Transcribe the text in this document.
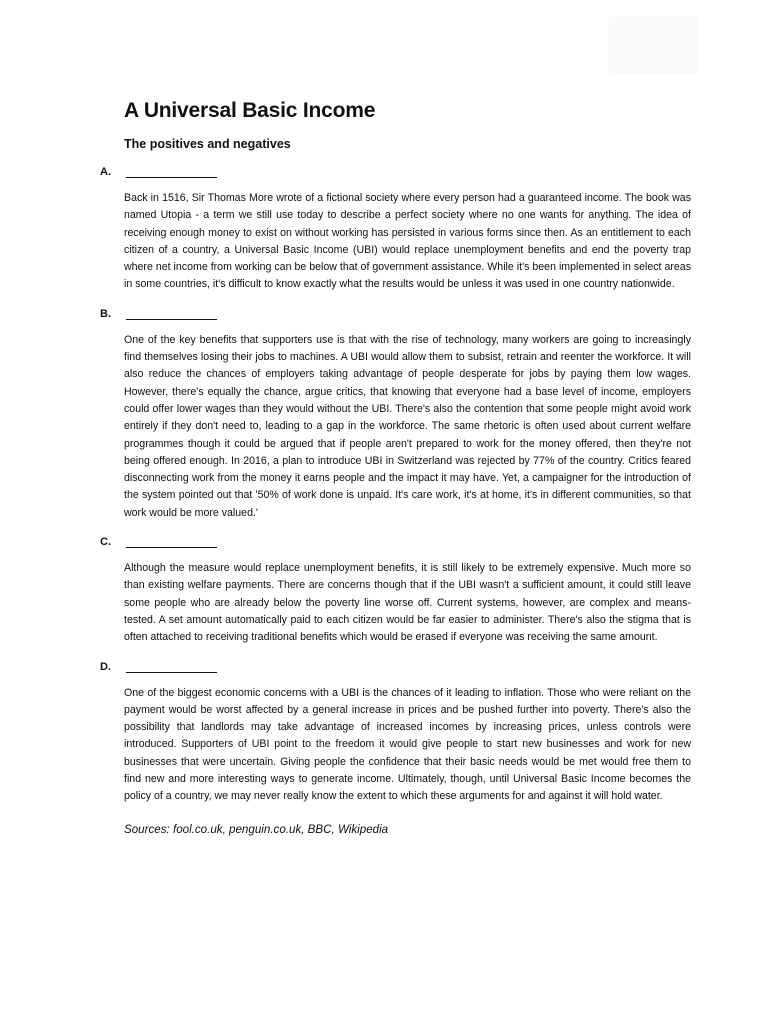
A Universal Basic Income

The positives and negatives

A.

Back in 1516, Sir Thomas More wrote of a fictional society where every person had a guaranteed income. The book was named Utopia - a term we still use today to describe a perfect society where no one wants for anything. The idea of receiving enough money to exist on without working has persisted in various forms since then. As an entitlement to each citizen of a country, a Universal Basic Income (UBI) would replace unemployment benefits and end the poverty trap where net income from working can be below that of government assistance. While it's been implemented in select areas in some countries, it's difficult to know exactly what the results would be unless it was used in one country nationwide.

B.

One of the key benefits that supporters use is that with the rise of technology, many workers are going to increasingly find themselves losing their jobs to machines. A UBI would allow them to subsist, retrain and reenter the workforce. It will also reduce the chances of employers taking advantage of people desperate for jobs by paying them low wages. However, there's equally the chance, argue critics, that knowing that everyone had a base level of income, employers could offer lower wages than they would without the UBI. There's also the contention that some people might avoid work entirely if they don't need to, leading to a gap in the workforce. The same rhetoric is often used about current welfare programmes though it could be argued that if people aren't prepared to work for the money offered, then they're not being offered enough. In 2016, a plan to introduce UBI in Switzerland was rejected by 77% of the country. Critics feared disconnecting work from the money it earns people and the impact it may have. Yet, a campaigner for the introduction of the system pointed out that '50% of work done is unpaid. It's care work, it's at home, it's in different communities, so that work would be more valued.'

C.

Although the measure would replace unemployment benefits, it is still likely to be extremely expensive. Much more so than existing welfare payments. There are concerns though that if the UBI wasn't a sufficient amount, it could still leave some people who are already below the poverty line worse off. Current systems, however, are complex and means-tested. A set amount automatically paid to each citizen would be far easier to administer. There's also the stigma that is often attached to receiving traditional benefits which would be erased if everyone was receiving the same amount.

D.

One of the biggest economic concerns with a UBI is the chances of it leading to inflation. Those who were reliant on the payment would be worst affected by a general increase in prices and be pushed further into poverty. There's also the possibility that landlords may take advantage of increased incomes by increasing prices, unless controls were introduced. Supporters of UBI point to the freedom it would give people to start new businesses and work for new businesses that were uncertain. Giving people the confidence that their basic needs would be met would free them to find new and more interesting ways to generate income. Ultimately, though, until Universal Basic Income becomes the policy of a country, we may never really know the extent to which these arguments for and against it will hold water.

Sources: fool.co.uk, penguin.co.uk, BBC, Wikipedia
